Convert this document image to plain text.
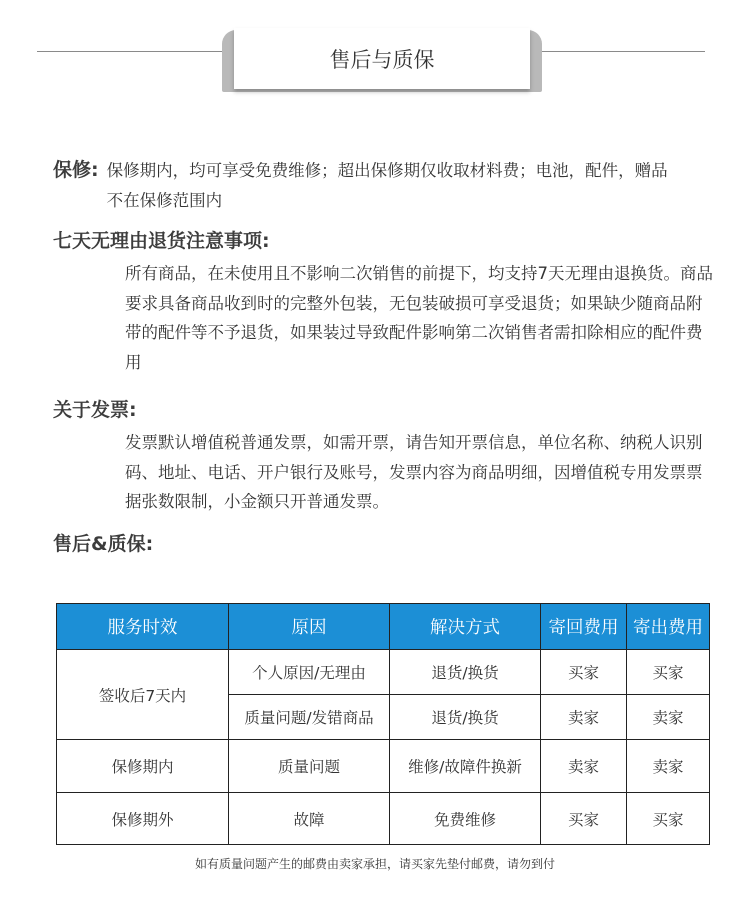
售后与质保
保修: 保修期内，均可享受免费维修；超出保修期仅收取材料费；电池，配件，赠品不在保修范围内
七天无理由退货注意事项:
所有商品，在未使用且不影响二次销售的前提下，均支持7天无理由退换货。商品要求具备商品收到时的完整外包装，无包装破损可享受退货；如果缺少随商品附带的配件等不予退货，如果装过导致配件影响第二次销售者需扣除相应的配件费用
关于发票:
发票默认增值税普通发票，如需开票，请告知开票信息，单位名称、纳税人识别码、地址、电话、开户银行及账号，发票内容为商品明细，因增值税专用发票票据张数限制，小金额只开普通发票。
售后&质保:
服务时效	原因	解决方式	寄回费用	寄出费用
签收后7天内	个人原因/无理由	退货/换货	买家	买家
	质量问题/发错商品	退货/换货	卖家	卖家
保修期内	质量问题	维修/故障件换新	卖家	卖家
保修期外	故障	免费维修	买家	买家
如有质量问题产生的邮费由卖家承担，请买家先垫付邮费，请勿到付
